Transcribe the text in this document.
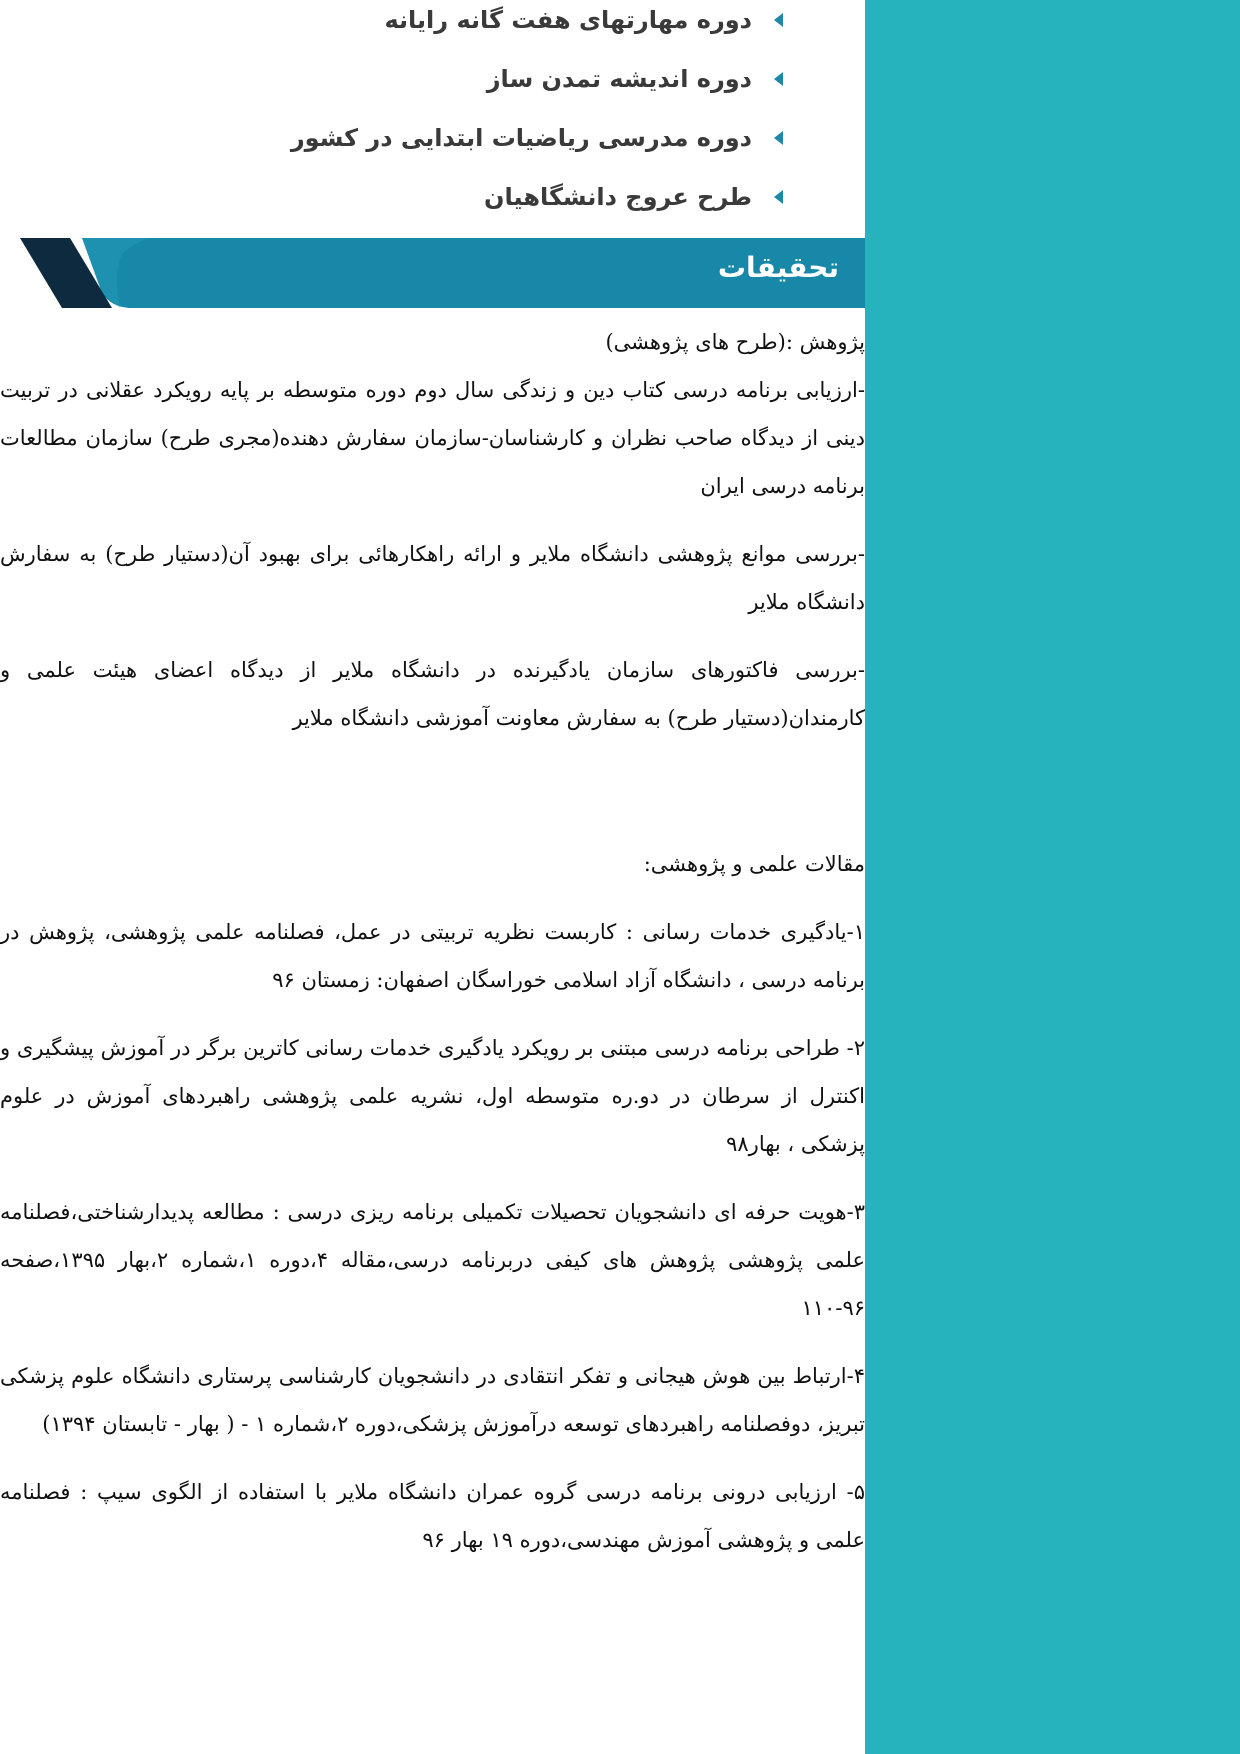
دوره مهارتهای هفت گانه رایانه
دوره اندیشه تمدن ساز
دوره مدرسی ریاضیات ابتدایی در کشور
طرح عروج دانشگاهیان
تحقیقات

پژوهش :(طرح های پژوهشی)

-ارزیابی برنامه درسی کتاب دین و زندگی سال دوم دوره متوسطه بر پایه رویکرد عقلانی در تربیت دینی از دیدگاه صاحب نظران و کارشناسان-سازمان سفارش دهنده(مجری طرح) سازمان مطالعات برنامه درسی ایران

-بررسی موانع پژوهشی دانشگاه ملایر و ارائه راهکارهائی برای بهبود آن(دستیار طرح) به سفارش دانشگاه ملایر

-بررسی فاکتورهای سازمان یادگیرنده در دانشگاه ملایر از دیدگاه اعضای هیئت علمی و کارمندان(دستیار طرح) به سفارش معاونت آموزشی دانشگاه ملایر

مقالات علمی و پژوهشی:

۱-یادگیری خدمات رسانی : کاربست نظریه تربیتی در عمل، فصلنامه علمی پژوهشی، پژوهش در برنامه درسی ، دانشگاه آزاد اسلامی خوراسگان اصفهان: زمستان ۹۶

۲- طراحی برنامه درسی مبتنی بر رویکرد یادگیری خدمات رسانی کاترین برگر در آموزش پیشگیری و اکنترل از سرطان در دو.ره متوسطه اول، نشریه علمی پژوهشی راهبردهای آموزش در علوم پزشکی ، بهار۹۸

۳-هویت حرفه ای دانشجویان تحصیلات تکمیلی برنامه ریزی درسی : مطالعه پدیدارشناختی،فصلنامه علمی پژوهشی پژوهش های کیفی دربرنامه درسی،مقاله ۴،دوره ۱،شماره ۲،بهار ۱۳۹۵،صفحه ۹۶-۱۱۰

۴-ارتباط بین هوش هیجانی و تفکر انتقادی در دانشجویان کارشناسی پرستاری دانشگاه علوم پزشکی تبریز، دوفصلنامه راهبردهای توسعه درآموزش پزشکی،دوره ۲،شماره ۱ - ( بهار - تابستان ۱۳۹۴)

۵- ارزیابی درونی برنامه درسی گروه عمران دانشگاه ملایر با استفاده از الگوی سیپ : فصلنامه علمی و پژوهشی آموزش مهندسی،دوره ۱۹ بهار ۹۶
